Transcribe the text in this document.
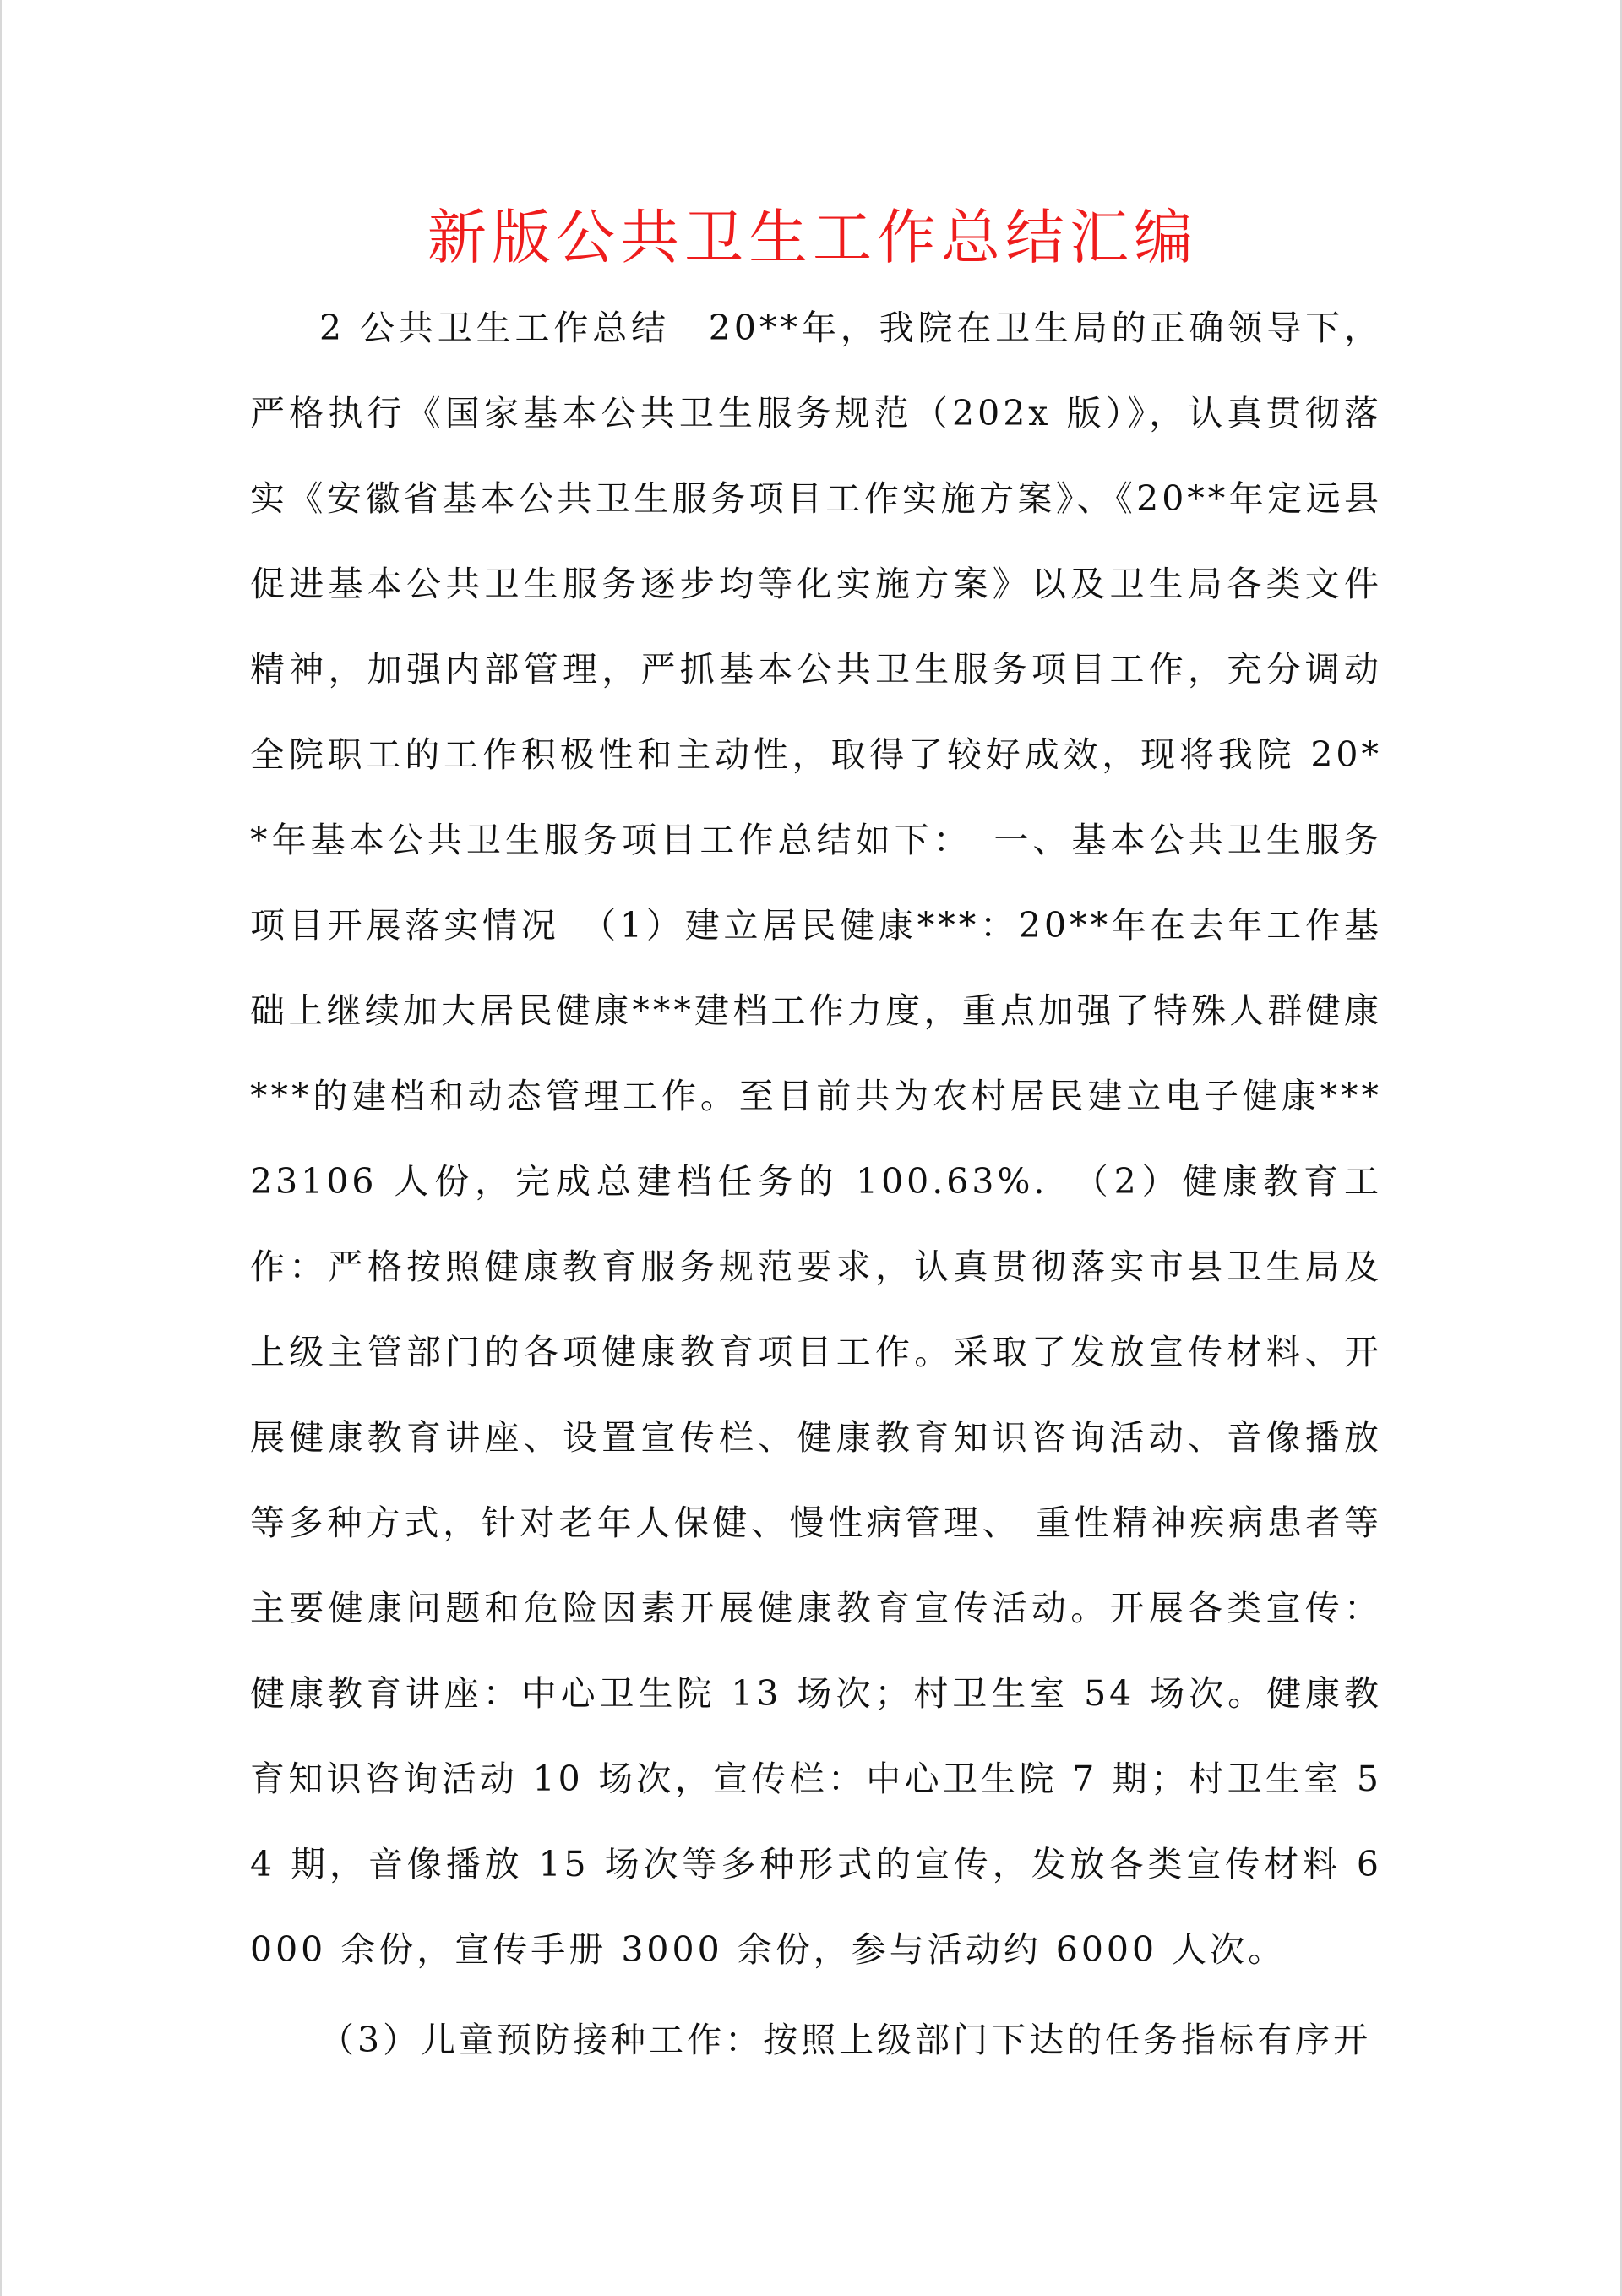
新版公共卫生工作总结汇编

2 公共卫生工作总结　20**年，我院在卫生局的正确领导下，严格执行《国家基本公共卫生服务规范（202x 版）》，认真贯彻落实《安徽省基本公共卫生服务项目工作实施方案》、《20**年定远县促进基本公共卫生服务逐步均等化实施方案》以及卫生局各类文件精神，加强内部管理，严抓基本公共卫生服务项目工作，充分调动全院职工的工作积极性和主动性，取得了较好成效，现将我院 20**年基本公共卫生服务项目工作总结如下：　一、基本公共卫生服务项目开展落实情况　（1）建立居民健康***：20**年在去年工作基础上继续加大居民健康***建档工作力度，重点加强了特殊人群健康***的建档和动态管理工作。至目前共为农村居民建立电子健康***23106 人份，完成总建档任务的 100.63%.　（2）健康教育工作：严格按照健康教育服务规范要求，认真贯彻落实市县卫生局及上级主管部门的各项健康教育项目工作。采取了发放宣传材料、开展健康教育讲座、设置宣传栏、健康教育知识咨询活动、音像播放等多种方式，针对老年人保健、慢性病管理、 重性精神疾病患者等主要健康问题和危险因素开展健康教育宣传活动。开展各类宣传：健康教育讲座：中心卫生院 13 场次；村卫生室 54 场次。健康教育知识咨询活动 10 场次，宣传栏：中心卫生院 7 期；村卫生室 54 期，音像播放 15 场次等多种形式的宣传，发放各类宣传材料 6000 余份，宣传手册 3000 余份，参与活动约 6000 人次。

（3）儿童预防接种工作：按照上级部门下达的任务指标有序开
